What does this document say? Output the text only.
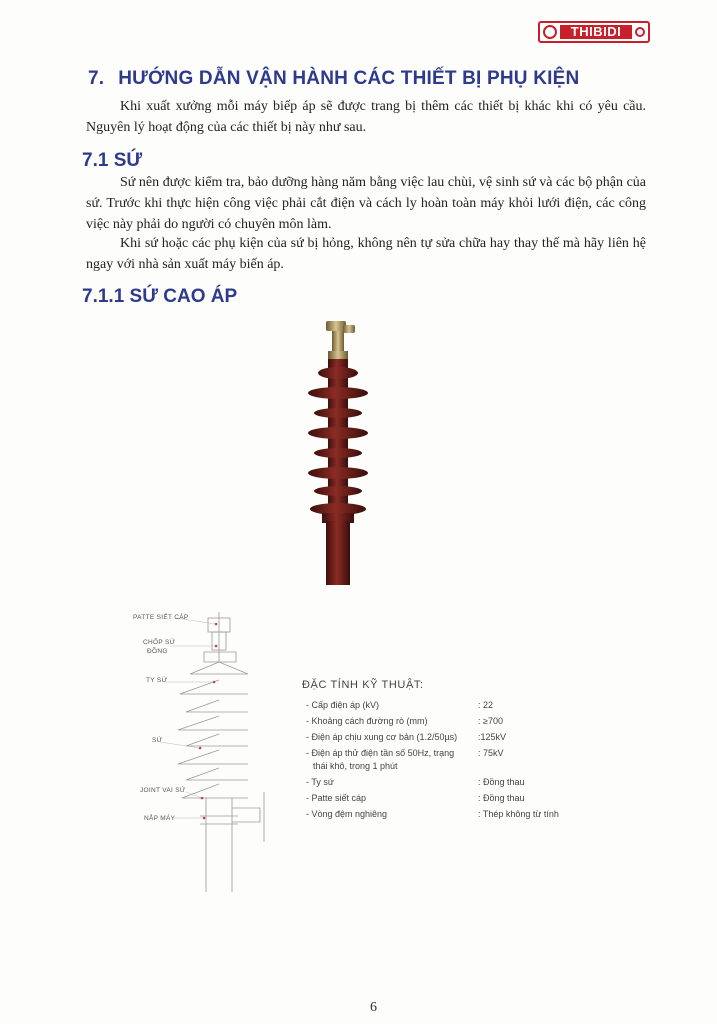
THIBIDI
7. HƯỚNG DẪN VẬN HÀNH CÁC THIẾT BỊ PHỤ KIỆN
Khi xuất xưởng mỗi máy biếp áp sẽ được trang bị thêm các thiết bị khác khi có yêu cầu. Nguyên lý hoạt động của các thiết bị này như sau.
7.1 SỨ
Sứ nên được kiểm tra, bảo dưỡng hàng năm bằng việc lau chùi, vệ sinh sứ và các bộ phận của sứ. Trước khi thực hiện công việc phải cắt điện và cách ly hoàn toàn máy khỏi lưới điện, các công việc này phải do người có chuyên môn làm.
Khi sứ hoặc các phụ kiện của sứ bị hỏng, không nên tự sửa chữa hay thay thế mà hãy liên hệ ngay với nhà sản xuất máy biến áp.
7.1.1 SỨ CAO ÁP
PATTE SIẾT CÁP
CHỐP SỨ
ĐỒNG
TY SỨ
SỨ
JOINT VAI SỨ
NẮP MÁY
ĐẶC TÍNH KỸ THUẬT:
- Cấp điện áp (kV)	: 22
- Khoảng cách đường rò (mm)	: ≥700
- Điện áp chịu xung cơ bản (1.2/50µs)	:125kV
- Điện áp thử điện tần số 50Hz, trạng	: 75kV
thái khô, trong 1 phút
- Ty sứ	: Đồng thau
- Patte siết cáp	: Đồng thau
- Vòng đệm nghiêng	: Thép không từ tính
6
